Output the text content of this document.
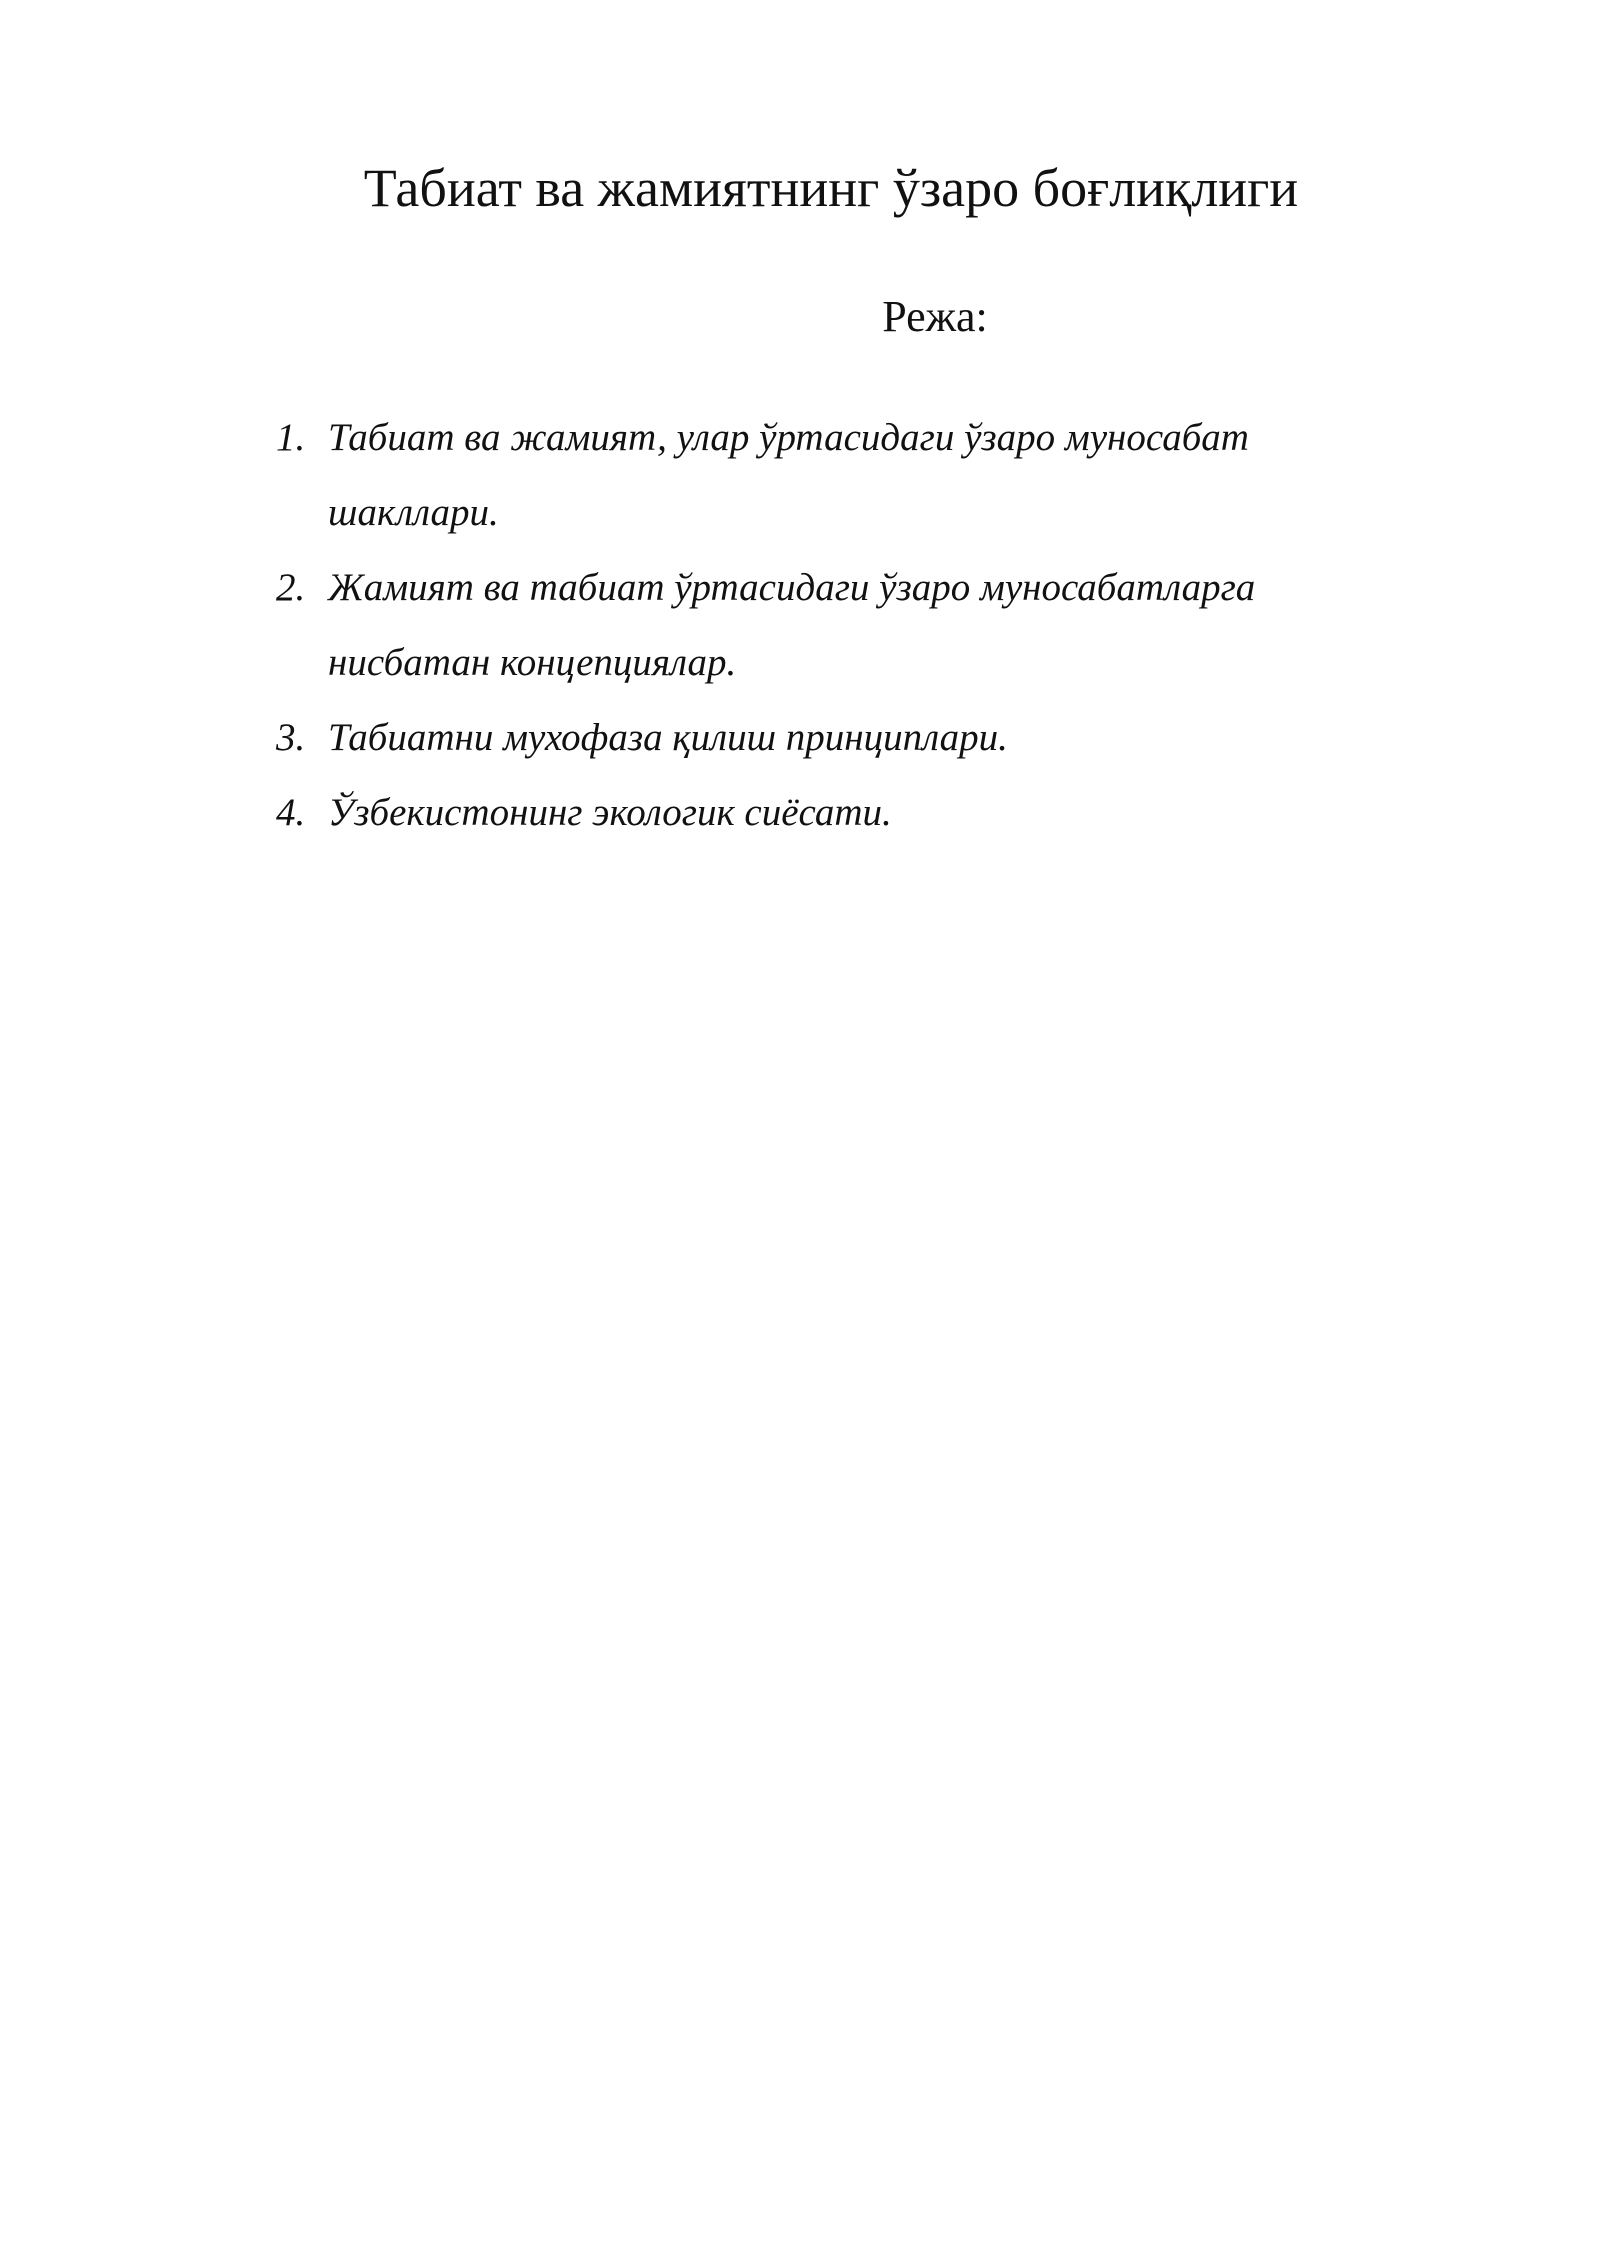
Табиат ва жамиятнинг ўзаро боғлиқлиги
Режа:
1. Табиат ва жамият, улар ўртасидаги ўзаро муносабат шакллари.
2. Жамият ва табиат ўртасидаги ўзаро муносабатларга нисбатан концепциялар.
3. Табиатни мухофаза қилиш принциплари.
4. Ўзбекистонинг экологик сиёсати.
